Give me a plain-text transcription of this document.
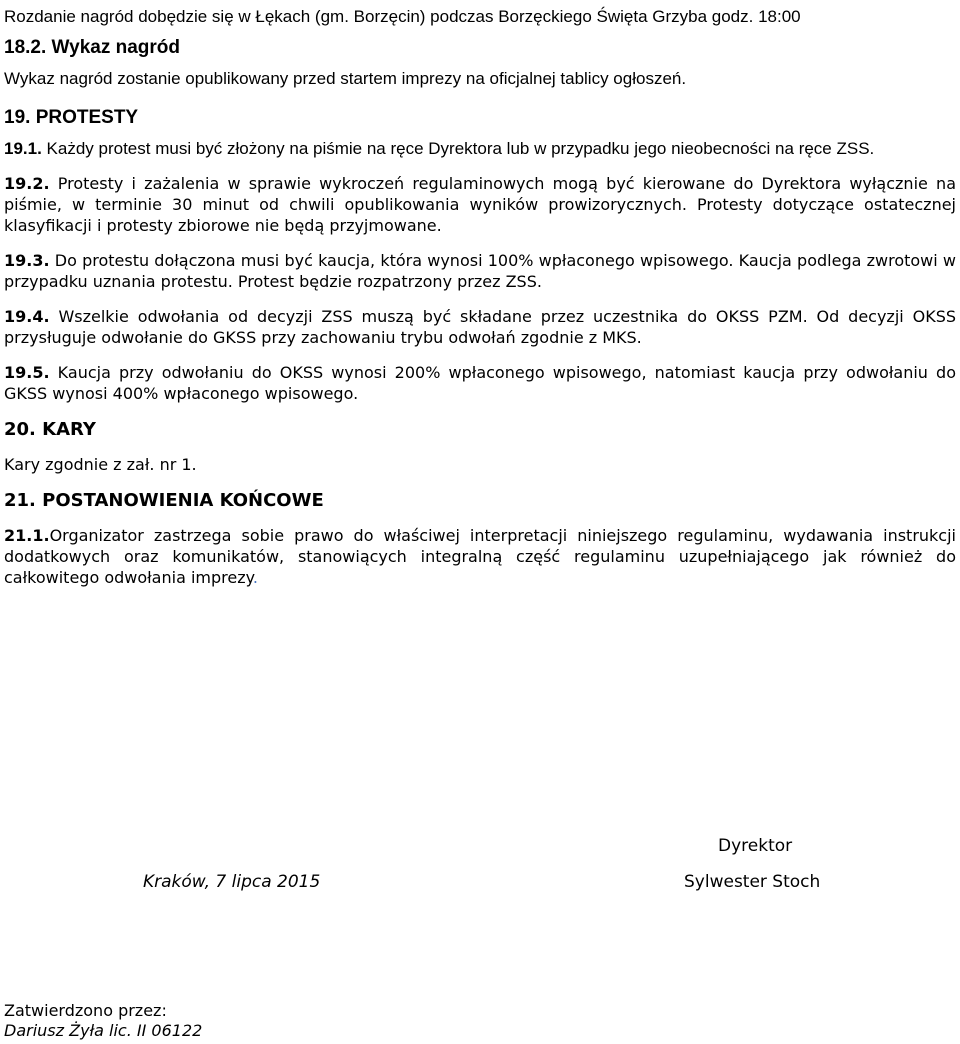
Rozdanie nagród dobędzie się w Łękach (gm. Borzęcin) podczas Borzęckiego Święta Grzyba godz. 18:00

18.2. Wykaz nagród

Wykaz nagród zostanie opublikowany przed startem imprezy na oficjalnej tablicy ogłoszeń.

19. PROTESTY

19.1. Każdy protest musi być złożony na piśmie na ręce Dyrektora lub w przypadku jego nieobecności na ręce ZSS.

19.2. Protesty i zażalenia w sprawie wykroczeń regulaminowych mogą być kierowane do Dyrektora wyłącznie na piśmie, w terminie 30 minut od chwili opublikowania wyników prowizorycznych. Protesty dotyczące ostatecznej klasyfikacji i protesty zbiorowe nie będą przyjmowane.

19.3. Do protestu dołączona musi być kaucja, która wynosi 100% wpłaconego wpisowego. Kaucja podlega zwrotowi w przypadku uznania protestu. Protest będzie rozpatrzony przez ZSS.

19.4. Wszelkie odwołania od decyzji ZSS muszą być składane przez uczestnika do OKSS PZM. Od decyzji OKSS przysługuje odwołanie do GKSS przy zachowaniu trybu odwołań zgodnie z MKS.

19.5. Kaucja przy odwołaniu do OKSS wynosi 200% wpłaconego wpisowego, natomiast kaucja przy odwołaniu do GKSS wynosi 400% wpłaconego wpisowego.

20. KARY

Kary zgodnie z zał. nr 1.

21. POSTANOWIENIA KOŃCOWE

21.1.Organizator zastrzega sobie prawo do właściwej interpretacji niniejszego regulaminu, wydawania instrukcji dodatkowych oraz komunikatów, stanowiących integralną część regulaminu uzupełniającego jak również do całkowitego odwołania imprezy.

Dyrektor
Kraków, 7 lipca 2015	Sylwester Stoch
Zatwierdzono przez:
Dariusz Żyła lic. II 06122
